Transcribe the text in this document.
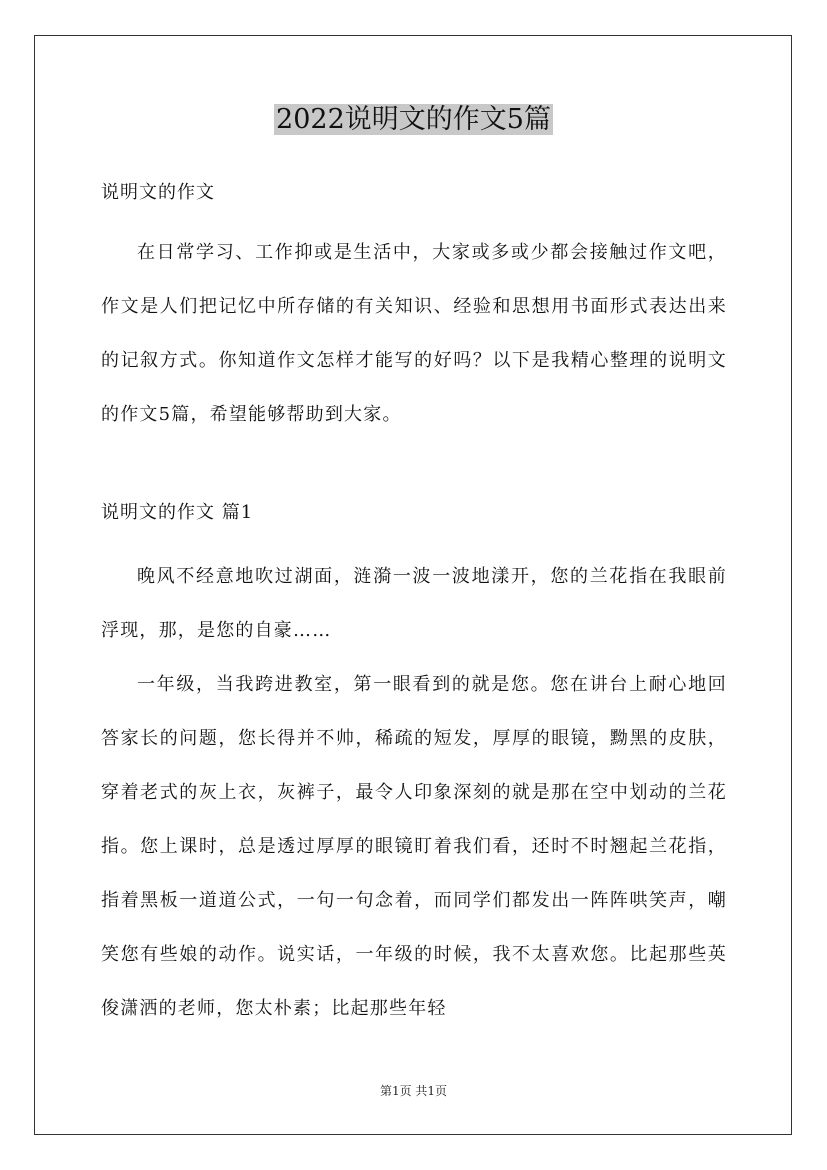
2022说明文的作文5篇
说明文的作文

在日常学习、工作抑或是生活中，大家或多或少都会接触过作文吧，作文是人们把记忆中所存储的有关知识、经验和思想用书面形式表达出来的记叙方式。你知道作文怎样才能写的好吗？以下是我精心整理的说明文的作文5篇，希望能够帮助到大家。

说明文的作文 篇1

晚风不经意地吹过湖面，涟漪一波一波地漾开，您的兰花指在我眼前浮现，那，是您的自豪……

一年级，当我跨进教室，第一眼看到的就是您。您在讲台上耐心地回答家长的问题，您长得并不帅，稀疏的短发，厚厚的眼镜，黝黑的皮肤，穿着老式的灰上衣，灰裤子，最令人印象深刻的就是那在空中划动的兰花指。您上课时，总是透过厚厚的眼镜盯着我们看，还时不时翘起兰花指，指着黑板一道道公式，一句一句念着，而同学们都发出一阵阵哄笑声，嘲笑您有些娘的动作。说实话，一年级的时候，我不太喜欢您。比起那些英俊潇洒的老师，您太朴素；比起那些年轻

第1页 共1页
